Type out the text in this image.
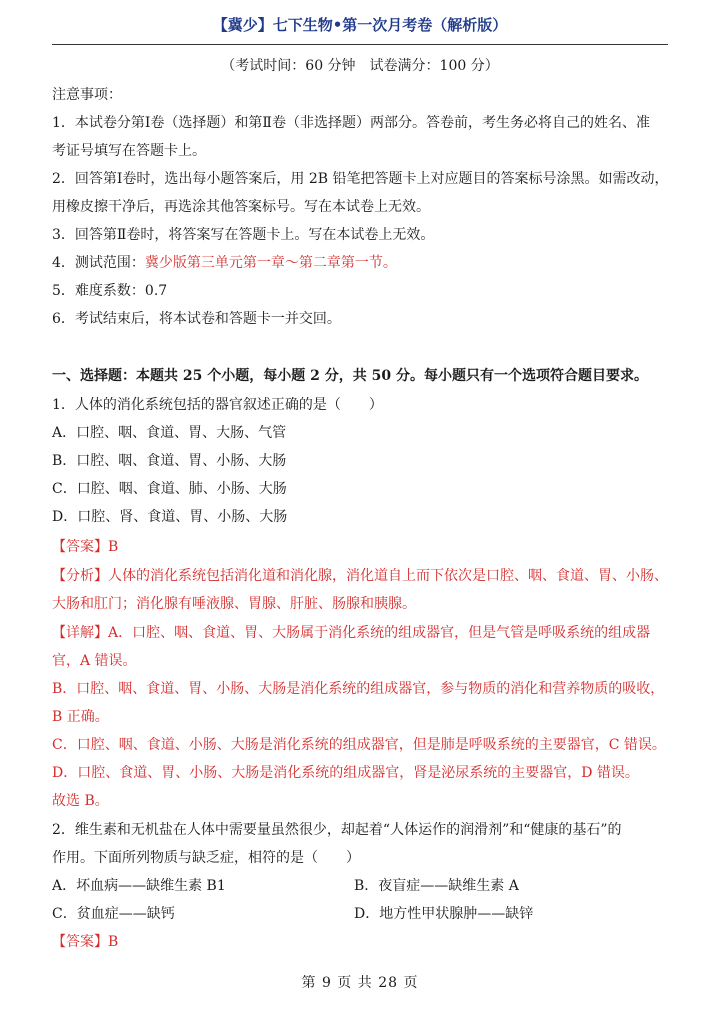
【冀少】七下生物•第一次月考卷（解析版）
（考试时间：60 分钟　试卷满分：100 分）
注意事项：
1．本试卷分第Ⅰ卷（选择题）和第Ⅱ卷（非选择题）两部分。答卷前，考生务必将自己的姓名、准
考证号填写在答题卡上。
2．回答第Ⅰ卷时，选出每小题答案后，用 2B 铅笔把答题卡上对应题目的答案标号涂黑。如需改动，
用橡皮擦干净后，再选涂其他答案标号。写在本试卷上无效。
3．回答第Ⅱ卷时，将答案写在答题卡上。写在本试卷上无效。
4．测试范围：冀少版第三单元第一章～第二章第一节。
5．难度系数：0.7
6．考试结束后，将本试卷和答题卡一并交回。
一、选择题：本题共 25 个小题，每小题 2 分，共 50 分。每小题只有一个选项符合题目要求。
1．人体的消化系统包括的器官叙述正确的是（　　）
A．口腔、咽、食道、胃、大肠、气管
B．口腔、咽、食道、胃、小肠、大肠
C．口腔、咽、食道、肺、小肠、大肠
D．口腔、肾、食道、胃、小肠、大肠
【答案】B
【分析】人体的消化系统包括消化道和消化腺，消化道自上而下依次是口腔、咽、食道、胃、小肠、
大肠和肛门；消化腺有唾液腺、胃腺、肝脏、肠腺和胰腺。
【详解】A．口腔、咽、食道、胃、大肠属于消化系统的组成器官，但是气管是呼吸系统的组成器
官，A 错误。
B．口腔、咽、食道、胃、小肠、大肠是消化系统的组成器官，参与物质的消化和营养物质的吸收，
B 正确。
C．口腔、咽、食道、小肠、大肠是消化系统的组成器官，但是肺是呼吸系统的主要器官，C 错误。
D．口腔、食道、胃、小肠、大肠是消化系统的组成器官，肾是泌尿系统的主要器官，D 错误。
故选 B。
2．维生素和无机盐在人体中需要量虽然很少，却起着“人体运作的润滑剂”和“健康的基石”的
作用。下面所列物质与缺乏症，相符的是（　　）
A．坏血病——缺维生素 B1	B．夜盲症——缺维生素 A
C．贫血症——缺钙	D．地方性甲状腺肿——缺锌
【答案】B
第 9 页 共 28 页
